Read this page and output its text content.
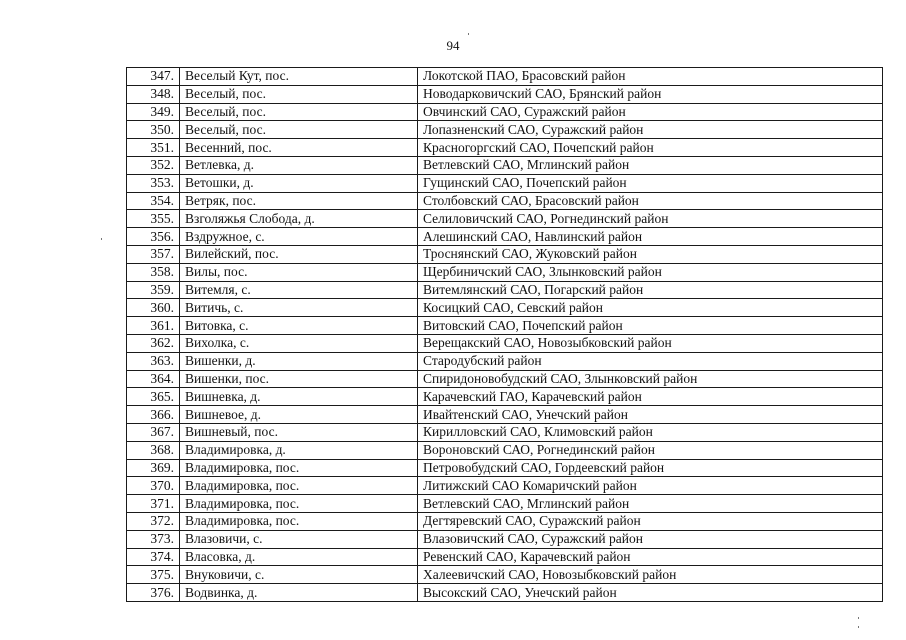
94
347.	Веселый Кут, пос.	Локотской ПАО, Брасовский район
348.	Веселый, пос.	Новодарковичский САО, Брянский район
349.	Веселый, пос.	Овчинский САО, Суражский район
350.	Веселый, пос.	Лопазненский САО, Суражский район
351.	Весенний, пос.	Красногоргский САО, Почепский район
352.	Ветлевка, д.	Ветлевский САО, Мглинский район
353.	Ветошки, д.	Гущинский САО, Почепский район
354.	Ветряк, пос.	Столбовский САО, Брасовский район
355.	Взголяжья Слобода, д.	Селиловичский САО, Рогнединский район
356.	Вздружное, с.	Алешинский САО, Навлинский район
357.	Вилейский, пос.	Троснянский САО, Жуковский район
358.	Вилы, пос.	Щербиничский САО, Злынковский район
359.	Витемля, с.	Витемлянский САО, Погарский район
360.	Витичь, с.	Косицкий САО, Севский район
361.	Витовка, с.	Витовский САО, Почепский район
362.	Вихолка, с.	Верещакский САО, Новозыбковский район
363.	Вишенки, д.	Стародубский район
364.	Вишенки, пос.	Спиридоновобудский САО, Злынковский район
365.	Вишневка, д.	Карачевский ГАО, Карачевский район
366.	Вишневое, д.	Ивайтенский САО, Унечский район
367.	Вишневый, пос.	Кирилловский САО, Климовский район
368.	Владимировка, д.	Вороновский САО, Рогнединский район
369.	Владимировка, пос.	Петровобудский САО, Гордеевский район
370.	Владимировка, пос.	Литижский САО Комаричский район
371.	Владимировка, пос.	Ветлевский САО, Мглинский район
372.	Владимировка, пос.	Дегтяревский САО, Суражский район
373.	Влазовичи, с.	Влазовичский САО, Суражский район
374.	Власовка, д.	Ревенский САО, Карачевский район
375.	Внуковичи, с.	Халеевичский САО, Новозыбковский район
376.	Водвинка, д.	Высокский САО, Унечский район
